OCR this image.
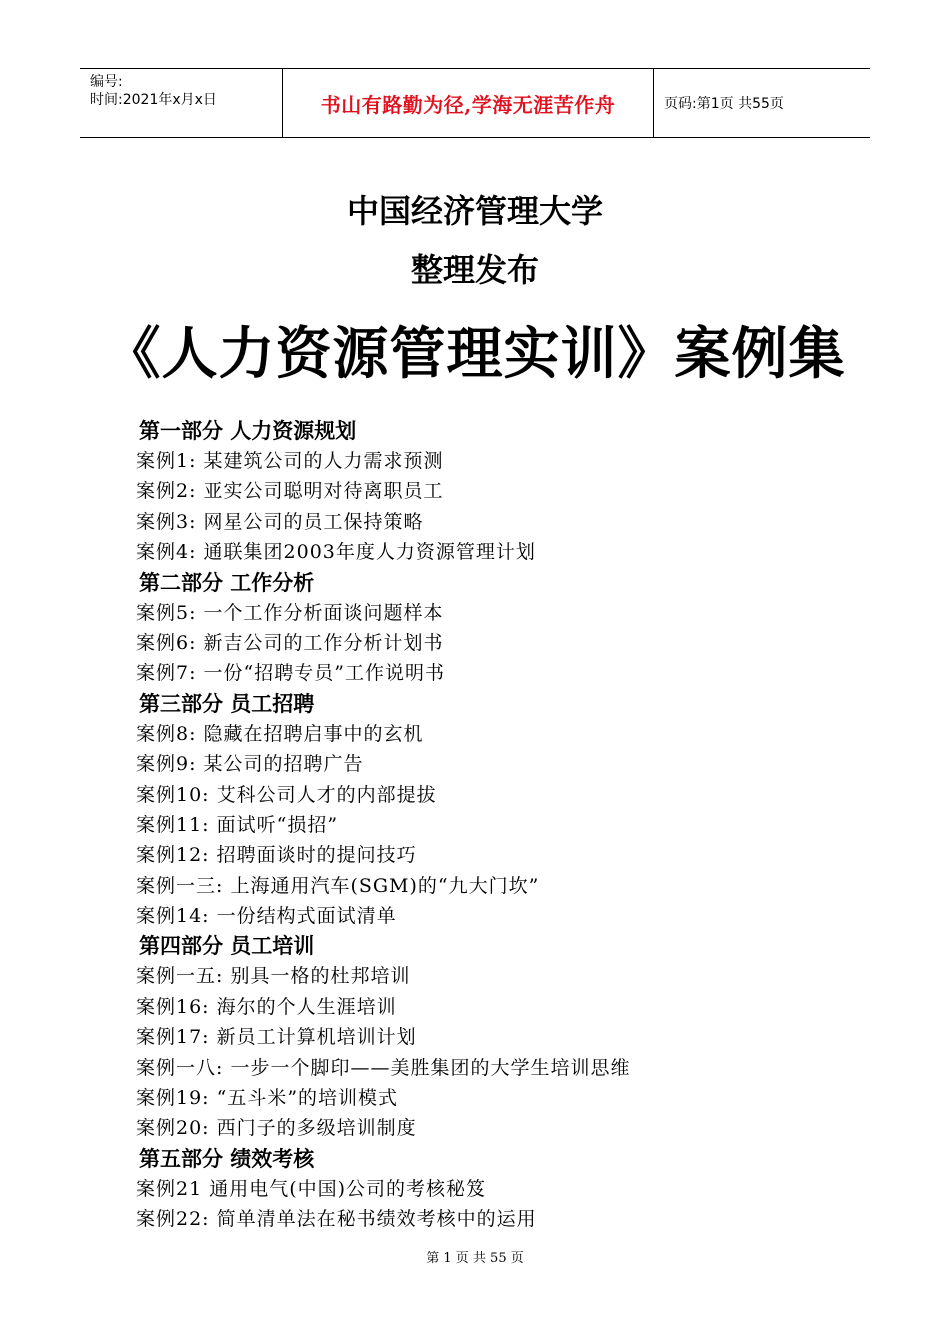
编号:
时间:2021年x月x日	书山有路勤为径,学海无涯苦作舟	页码:第1页 共55页
中国经济管理大学
整理发布
《人力资源管理实训》案例集
第一部分 人力资源规划
案例1: 某建筑公司的人力需求预测
案例2: 亚实公司聪明对待离职员工
案例3: 网星公司的员工保持策略
案例4: 通联集团2003年度人力资源管理计划
第二部分 工作分析
案例5: 一个工作分析面谈问题样本
案例6: 新吉公司的工作分析计划书
案例7: 一份“招聘专员”工作说明书
第三部分 员工招聘
案例8: 隐藏在招聘启事中的玄机
案例9: 某公司的招聘广告
案例10: 艾科公司人才的内部提拔
案例11: 面试听“损招”
案例12: 招聘面谈时的提问技巧
案例一三: 上海通用汽车(SGM)的“九大门坎”
案例14: 一份结构式面试清单
第四部分 员工培训
案例一五: 别具一格的杜邦培训
案例16: 海尔的个人生涯培训
案例17: 新员工计算机培训计划
案例一八: 一步一个脚印——美胜集团的大学生培训思维
案例19: “五斗米”的培训模式
案例20: 西门子的多级培训制度
第五部分 绩效考核
案例21 通用电气(中国)公司的考核秘笈
案例22: 简单清单法在秘书绩效考核中的运用
第 1 页 共 55 页
